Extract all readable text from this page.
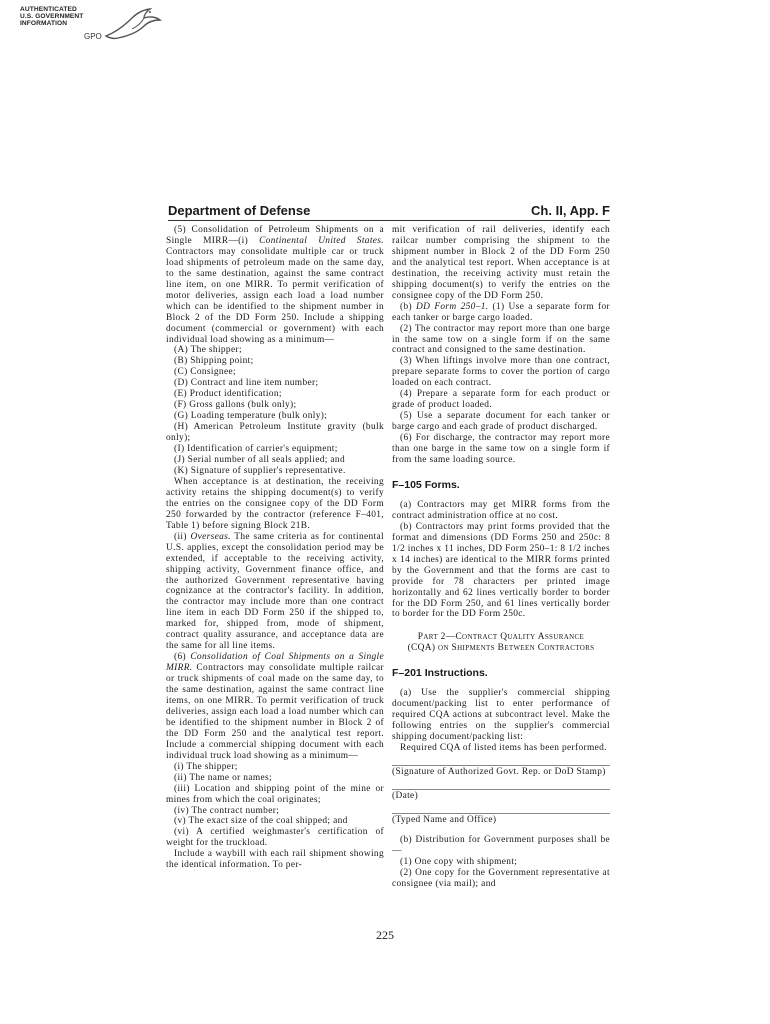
AUTHENTICATED
U.S. GOVERNMENT
INFORMATION
GPO
Department of Defense	Ch. II, App. F

(5) Consolidation of Petroleum Shipments on a Single MIRR—(i) Continental United States. Contractors may consolidate multiple car or truck load shipments of petroleum made on the same day, to the same destination, against the same contract line item, on one MIRR. To permit verification of motor deliveries, assign each load a load number which can be identified to the shipment number in Block 2 of the DD Form 250. Include a shipping document (commercial or government) with each individual load showing as a minimum—

(A) The shipper;

(B) Shipping point;

(C) Consignee;

(D) Contract and line item number;

(E) Product identification;

(F) Gross gallons (bulk only);

(G) Loading temperature (bulk only);

(H) American Petroleum Institute gravity (bulk only);

(I) Identification of carrier's equipment;

(J) Serial number of all seals applied; and

(K) Signature of supplier's representative.

When acceptance is at destination, the receiving activity retains the shipping document(s) to verify the entries on the consignee copy of the DD Form 250 forwarded by the contractor (reference F–401, Table 1) before signing Block 21B.

(ii) Overseas. The same criteria as for continental U.S. applies, except the consolidation period may be extended, if acceptable to the receiving activity, shipping activity, Government finance office, and the authorized Government representative having cognizance at the contractor's facility. In addition, the contractor may include more than one contract line item in each DD Form 250 if the shipped to, marked for, shipped from, mode of shipment, contract quality assurance, and acceptance data are the same for all line items.

(6) Consolidation of Coal Shipments on a Single MIRR. Contractors may consolidate multiple railcar or truck shipments of coal made on the same day, to the same destination, against the same contract line items, on one MIRR. To permit verification of truck deliveries, assign each load a load number which can be identified to the shipment number in Block 2 of the DD Form 250 and the analytical test report. Include a commercial shipping document with each individual truck load showing as a minimum—

(i) The shipper;

(ii) The name or names;

(iii) Location and shipping point of the mine or mines from which the coal originates;

(iv) The contract number;

(v) The exact size of the coal shipped; and

(vi) A certified weighmaster's certification of weight for the truckload.

Include a waybill with each rail shipment showing the identical information. To per-

mit verification of rail deliveries, identify each railcar number comprising the shipment to the shipment number in Block 2 of the DD Form 250 and the analytical test report. When acceptance is at destination, the receiving activity must retain the shipping document(s) to verify the entries on the consignee copy of the DD Form 250.

(b) DD Form 250–1. (1) Use a separate form for each tanker or barge cargo loaded.

(2) The contractor may report more than one barge in the same tow on a single form if on the same contract and consigned to the same destination.

(3) When liftings involve more than one contract, prepare separate forms to cover the portion of cargo loaded on each contract.

(4) Prepare a separate form for each product or grade of product loaded.

(5) Use a separate document for each tanker or barge cargo and each grade of product discharged.

(6) For discharge, the contractor may report more than one barge in the same tow on a single form if from the same loading source.

F–105 Forms.

(a) Contractors may get MIRR forms from the contract administration office at no cost.

(b) Contractors may print forms provided that the format and dimensions (DD Forms 250 and 250c: 8 1/2 inches x 11 inches, DD Form 250–1: 8 1/2 inches x 14 inches) are identical to the MIRR forms printed by the Government and that the forms are cast to provide for 78 characters per printed image horizontally and 62 lines vertically border to border for the DD Form 250, and 61 lines vertically border to border for the DD Form 250c.

Part 2—Contract Quality Assurance
(CQA) on Shipments Between Contractors

F–201 Instructions.

(a) Use the supplier's commercial shipping document/packing list to enter performance of required CQA actions at subcontract level. Make the following entries on the supplier's commercial shipping document/packing list:

Required CQA of listed items has been performed.

(Signature of Authorized Govt. Rep. or DoD Stamp)

(Date)

(Typed Name and Office)

(b) Distribution for Government purposes shall be—

(1) One copy with shipment;

(2) One copy for the Government representative at consignee (via mail); and

225
